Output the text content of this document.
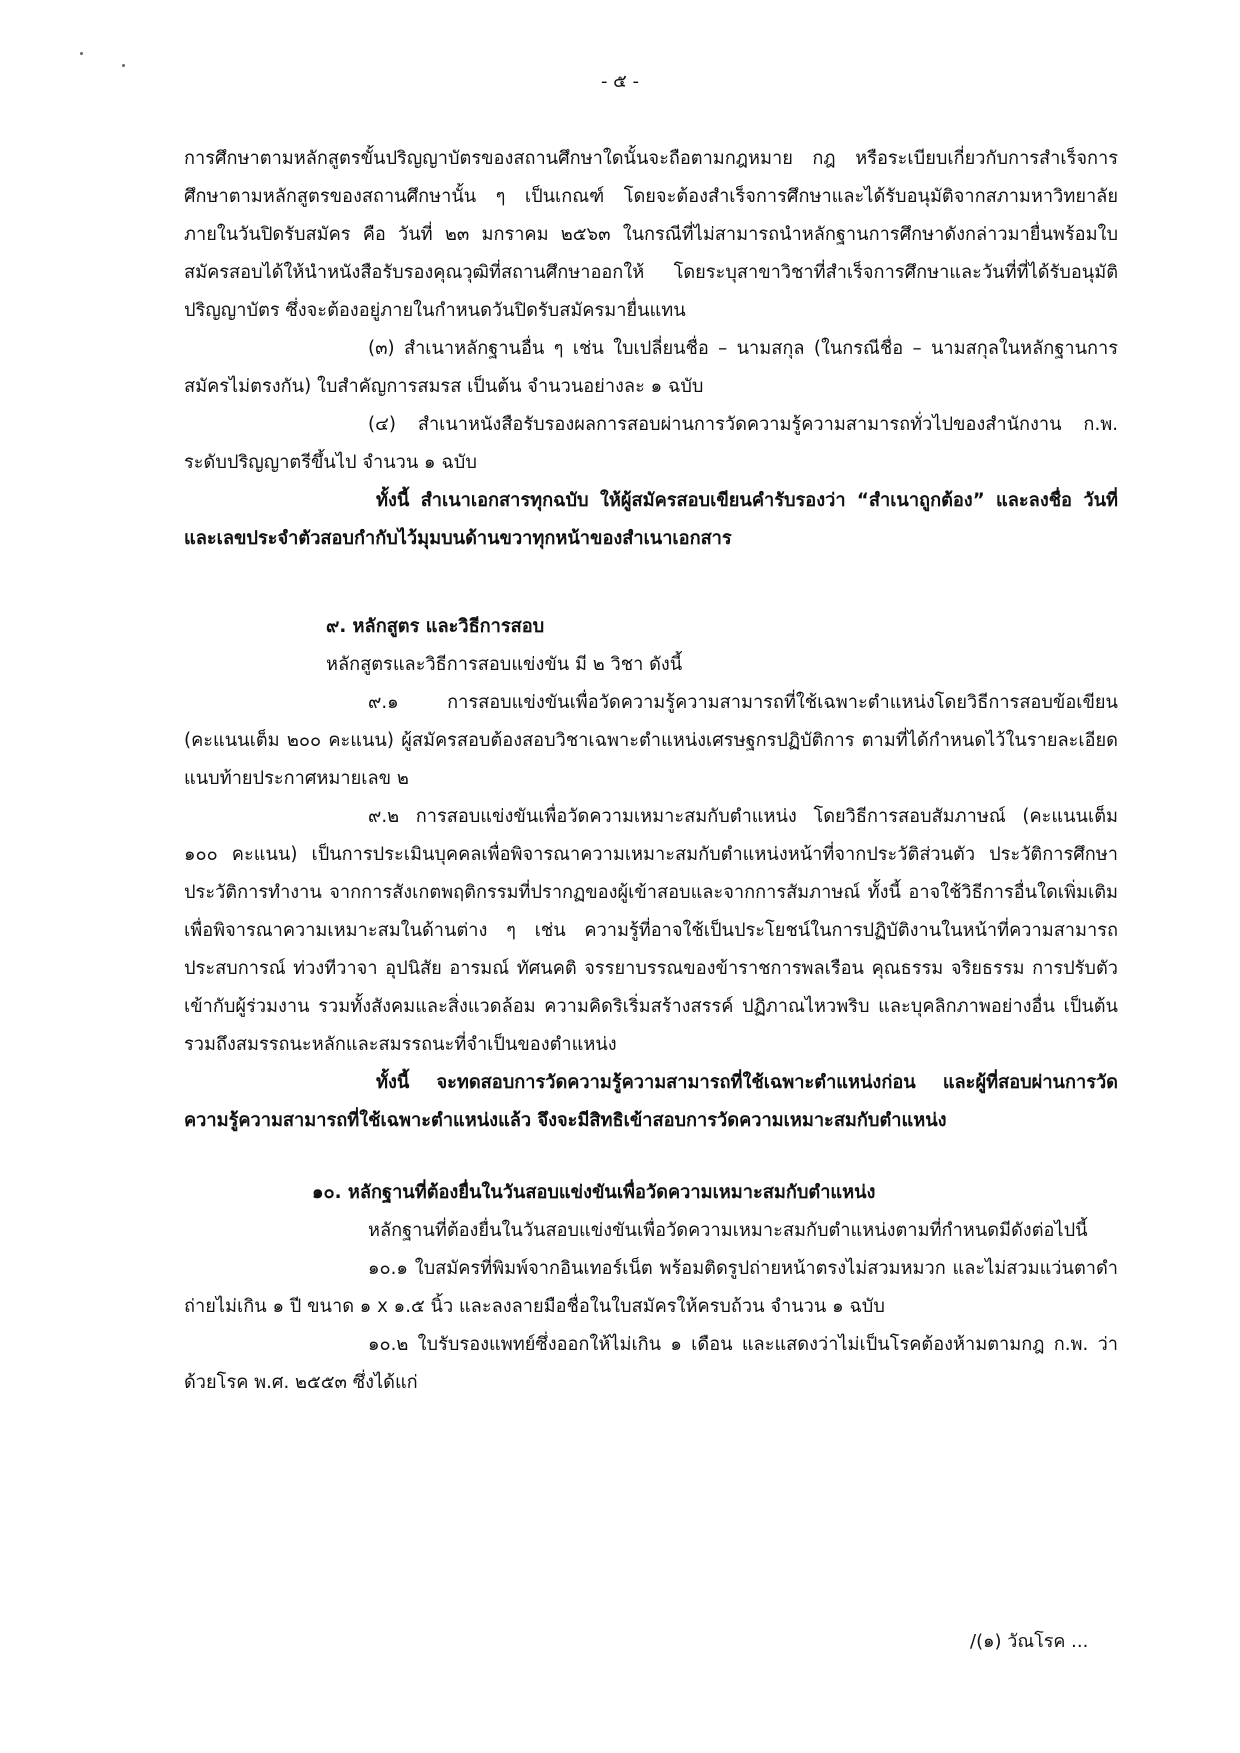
- ๕ -

การศึกษาตามหลักสูตรขั้นปริญญาบัตรของสถานศึกษาใดนั้นจะถือตามกฎหมาย กฎ หรือระเบียบเกี่ยวกับการสำเร็จการศึกษาตามหลักสูตรของสถานศึกษานั้น ๆ เป็นเกณฑ์ โดยจะต้องสำเร็จการศึกษาและได้รับอนุมัติจากสภามหาวิทยาลัย ภายในวันปิดรับสมัคร คือ วันที่ ๒๓ มกราคม ๒๕๖๓ ในกรณีที่ไม่สามารถนำหลักฐานการศึกษาดังกล่าวมายื่นพร้อมใบสมัครสอบได้ให้นำหนังสือรับรองคุณวุฒิที่สถานศึกษาออกให้ โดยระบุสาขาวิชาที่สำเร็จการศึกษาและวันที่ที่ได้รับอนุมัติปริญญาบัตร ซึ่งจะต้องอยู่ภายในกำหนดวันปิดรับสมัครมายื่นแทน

(๓) สำเนาหลักฐานอื่น ๆ เช่น ใบเปลี่ยนชื่อ – นามสกุล (ในกรณีชื่อ – นามสกุลในหลักฐานการสมัครไม่ตรงกัน) ใบสำคัญการสมรส เป็นต้น จำนวนอย่างละ ๑ ฉบับ

(๔) สำเนาหนังสือรับรองผลการสอบผ่านการวัดความรู้ความสามารถทั่วไปของสำนักงาน ก.พ. ระดับปริญญาตรีขึ้นไป จำนวน ๑ ฉบับ

ทั้งนี้ สำเนาเอกสารทุกฉบับ ให้ผู้สมัครสอบเขียนคำรับรองว่า “สำเนาถูกต้อง” และลงชื่อ วันที่ และเลขประจำตัวสอบกำกับไว้มุมบนด้านขวาทุกหน้าของสำเนาเอกสาร

๙. หลักสูตร และวิธีการสอบ

หลักสูตรและวิธีการสอบแข่งขัน มี ๒ วิชา ดังนี้

๙.๑ การสอบแข่งขันเพื่อวัดความรู้ความสามารถที่ใช้เฉพาะตำแหน่งโดยวิธีการสอบข้อเขียน (คะแนนเต็ม ๒๐๐ คะแนน) ผู้สมัครสอบต้องสอบวิชาเฉพาะตำแหน่งเศรษฐกรปฏิบัติการ ตามที่ได้กำหนดไว้ในรายละเอียดแนบท้ายประกาศหมายเลข ๒

๙.๒ การสอบแข่งขันเพื่อวัดความเหมาะสมกับตำแหน่ง โดยวิธีการสอบสัมภาษณ์ (คะแนนเต็ม ๑๐๐ คะแนน) เป็นการประเมินบุคคลเพื่อพิจารณาความเหมาะสมกับตำแหน่งหน้าที่จากประวัติส่วนตัว ประวัติการศึกษา ประวัติการทำงาน จากการสังเกตพฤติกรรมที่ปรากฏของผู้เข้าสอบและจากการสัมภาษณ์ ทั้งนี้ อาจใช้วิธีการอื่นใดเพิ่มเติมเพื่อพิจารณาความเหมาะสมในด้านต่าง ๆ เช่น ความรู้ที่อาจใช้เป็นประโยชน์ในการปฏิบัติงานในหน้าที่ความสามารถ ประสบการณ์ ท่วงทีวาจา อุปนิสัย อารมณ์ ทัศนคติ จรรยาบรรณของข้าราชการพลเรือน คุณธรรม จริยธรรม การปรับตัวเข้ากับผู้ร่วมงาน รวมทั้งสังคมและสิ่งแวดล้อม ความคิดริเริ่มสร้างสรรค์ ปฏิภาณไหวพริบ และบุคลิกภาพอย่างอื่น เป็นต้น รวมถึงสมรรถนะหลักและสมรรถนะที่จำเป็นของตำแหน่ง

ทั้งนี้ จะทดสอบการวัดความรู้ความสามารถที่ใช้เฉพาะตำแหน่งก่อน และผู้ที่สอบผ่านการวัดความรู้ความสามารถที่ใช้เฉพาะตำแหน่งแล้ว จึงจะมีสิทธิเข้าสอบการวัดความเหมาะสมกับตำแหน่ง

๑๐. หลักฐานที่ต้องยื่นในวันสอบแข่งขันเพื่อวัดความเหมาะสมกับตำแหน่ง

หลักฐานที่ต้องยื่นในวันสอบแข่งขันเพื่อวัดความเหมาะสมกับตำแหน่งตามที่กำหนดมีดังต่อไปนี้

๑๐.๑ ใบสมัครที่พิมพ์จากอินเทอร์เน็ต พร้อมติดรูปถ่ายหน้าตรงไม่สวมหมวก และไม่สวมแว่นตาดำ ถ่ายไม่เกิน ๑ ปี ขนาด ๑ x ๑.๕ นิ้ว และลงลายมือชื่อในใบสมัครให้ครบถ้วน จำนวน ๑ ฉบับ

๑๐.๒ ใบรับรองแพทย์ซึ่งออกให้ไม่เกิน ๑ เดือน และแสดงว่าไม่เป็นโรคต้องห้ามตามกฎ ก.พ. ว่าด้วยโรค พ.ศ. ๒๕๕๓ ซึ่งได้แก่

/(๑) วัณโรค ...
